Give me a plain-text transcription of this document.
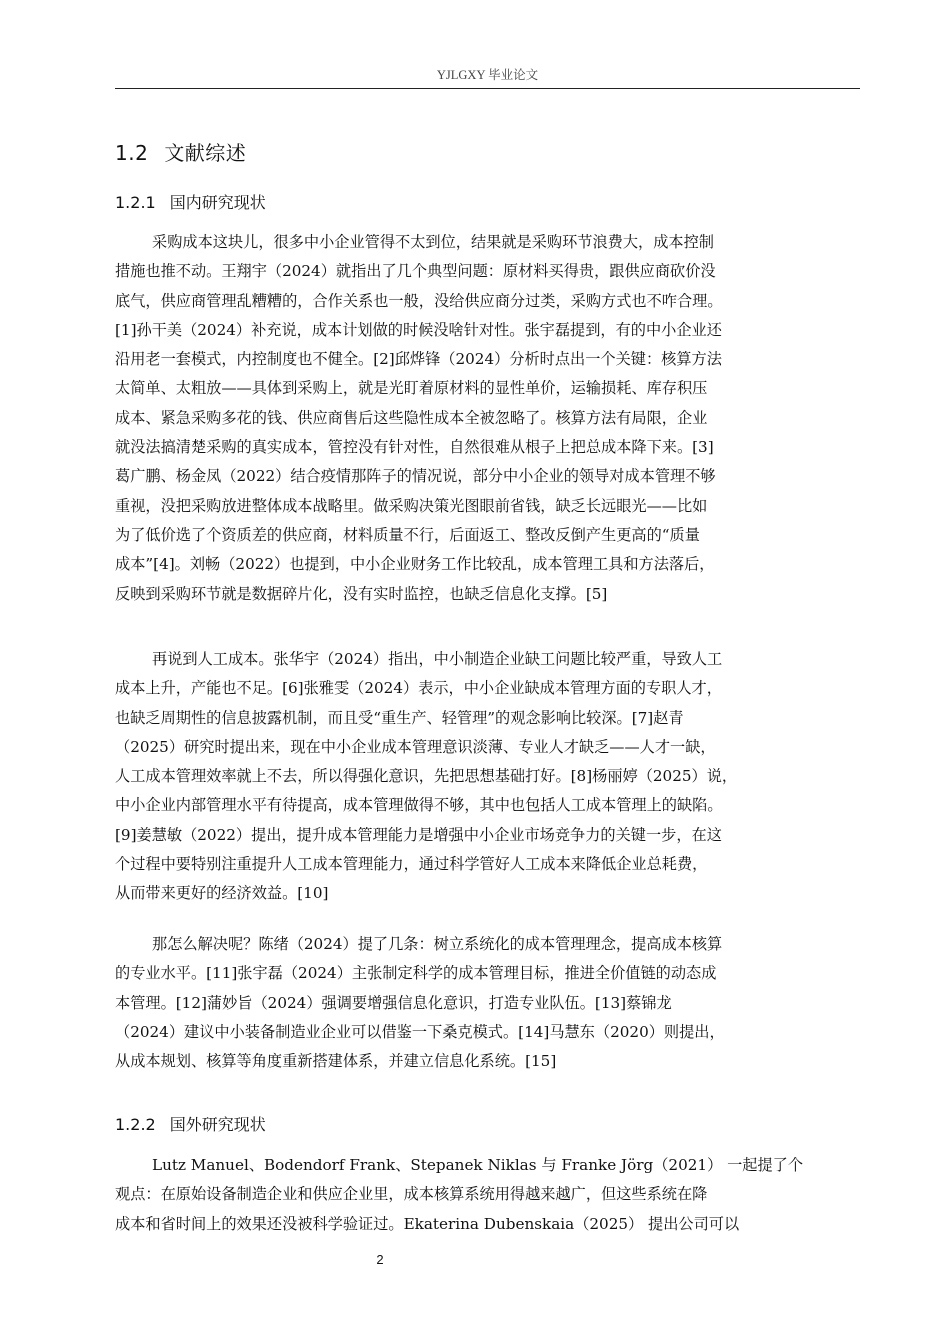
YJLGXY 毕业论文
1.2 文献综述
1.2.1 国内研究现状
采购成本这块儿，很多中小企业管得不太到位，结果就是采购环节浪费大，成本控制
措施也推不动。王翔宇（2024）就指出了几个典型问题：原材料买得贵，跟供应商砍价没
底气，供应商管理乱糟糟的，合作关系也一般，没给供应商分过类，采购方式也不咋合理。
[1]孙干美（2024）补充说，成本计划做的时候没啥针对性。张宇磊提到，有的中小企业还
沿用老一套模式，内控制度也不健全。[2]邱烨锋（2024）分析时点出一个关键：核算方法
太简单、太粗放——具体到采购上，就是光盯着原材料的显性单价，运输损耗、库存积压
成本、紧急采购多花的钱、供应商售后这些隐性成本全被忽略了。核算方法有局限，企业
就没法搞清楚采购的真实成本，管控没有针对性，自然很难从根子上把总成本降下来。[3]
葛广鹏、杨金凤（2022）结合疫情那阵子的情况说，部分中小企业的领导对成本管理不够
重视，没把采购放进整体成本战略里。做采购决策光图眼前省钱，缺乏长远眼光——比如
为了低价选了个资质差的供应商，材料质量不行，后面返工、整改反倒产生更高的“质量
成本”[4]。刘畅（2022）也提到，中小企业财务工作比较乱，成本管理工具和方法落后，
反映到采购环节就是数据碎片化，没有实时监控，也缺乏信息化支撑。[5]
再说到人工成本。张华宇（2024）指出，中小制造企业缺工问题比较严重，导致人工
成本上升，产能也不足。[6]张雅雯（2024）表示，中小企业缺成本管理方面的专职人才，
也缺乏周期性的信息披露机制，而且受“重生产、轻管理”的观念影响比较深。[7]赵青
（2025）研究时提出来，现在中小企业成本管理意识淡薄、专业人才缺乏——人才一缺，
人工成本管理效率就上不去，所以得强化意识，先把思想基础打好。[8]杨丽婷（2025）说，
中小企业内部管理水平有待提高，成本管理做得不够，其中也包括人工成本管理上的缺陷。
[9]姜慧敏（2022）提出，提升成本管理能力是增强中小企业市场竞争力的关键一步，在这
个过程中要特别注重提升人工成本管理能力，通过科学管好人工成本来降低企业总耗费，
从而带来更好的经济效益。[10]
那怎么解决呢？陈绪（2024）提了几条：树立系统化的成本管理理念，提高成本核算
的专业水平。[11]张宇磊（2024）主张制定科学的成本管理目标，推进全价值链的动态成
本管理。[12]蒲妙旨（2024）强调要增强信息化意识，打造专业队伍。[13]蔡锦龙
（2024）建议中小装备制造业企业可以借鉴一下桑克模式。[14]马慧东（2020）则提出，
从成本规划、核算等角度重新搭建体系，并建立信息化系统。[15]
1.2.2 国外研究现状
Lutz Manuel、Bodendorf Frank、Stepanek Niklas 与 Franke Jörg（2021） 一起提了个
观点：在原始设备制造企业和供应企业里，成本核算系统用得越来越广，但这些系统在降
成本和省时间上的效果还没被科学验证过。Ekaterina Dubenskaia（2025） 提出公司可以
2
